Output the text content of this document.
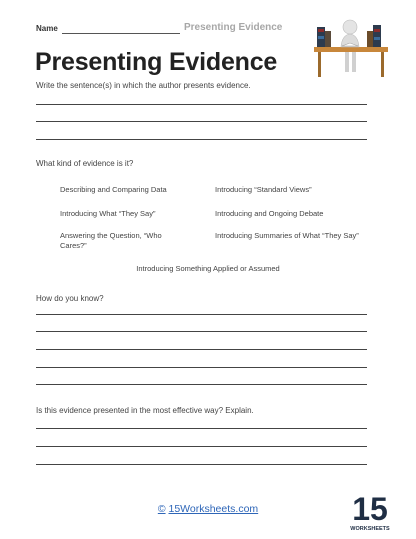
Name	Presenting Evidence
Presenting Evidence
Write the sentence(s) in which the author presents evidence.
What kind of evidence is it?
Describing and Comparing Data	Introducing “Standard Views”
Introducing What “They Say”	Introducing and Ongoing Debate
Answering the Question, “Who Cares?”
Introducing Summaries of What “They Say”
Introducing Something Applied or Assumed
How do you know?
Is this evidence presented in the most effective way? Explain.
© 15Worksheets.com	15
WORKSHEETS
